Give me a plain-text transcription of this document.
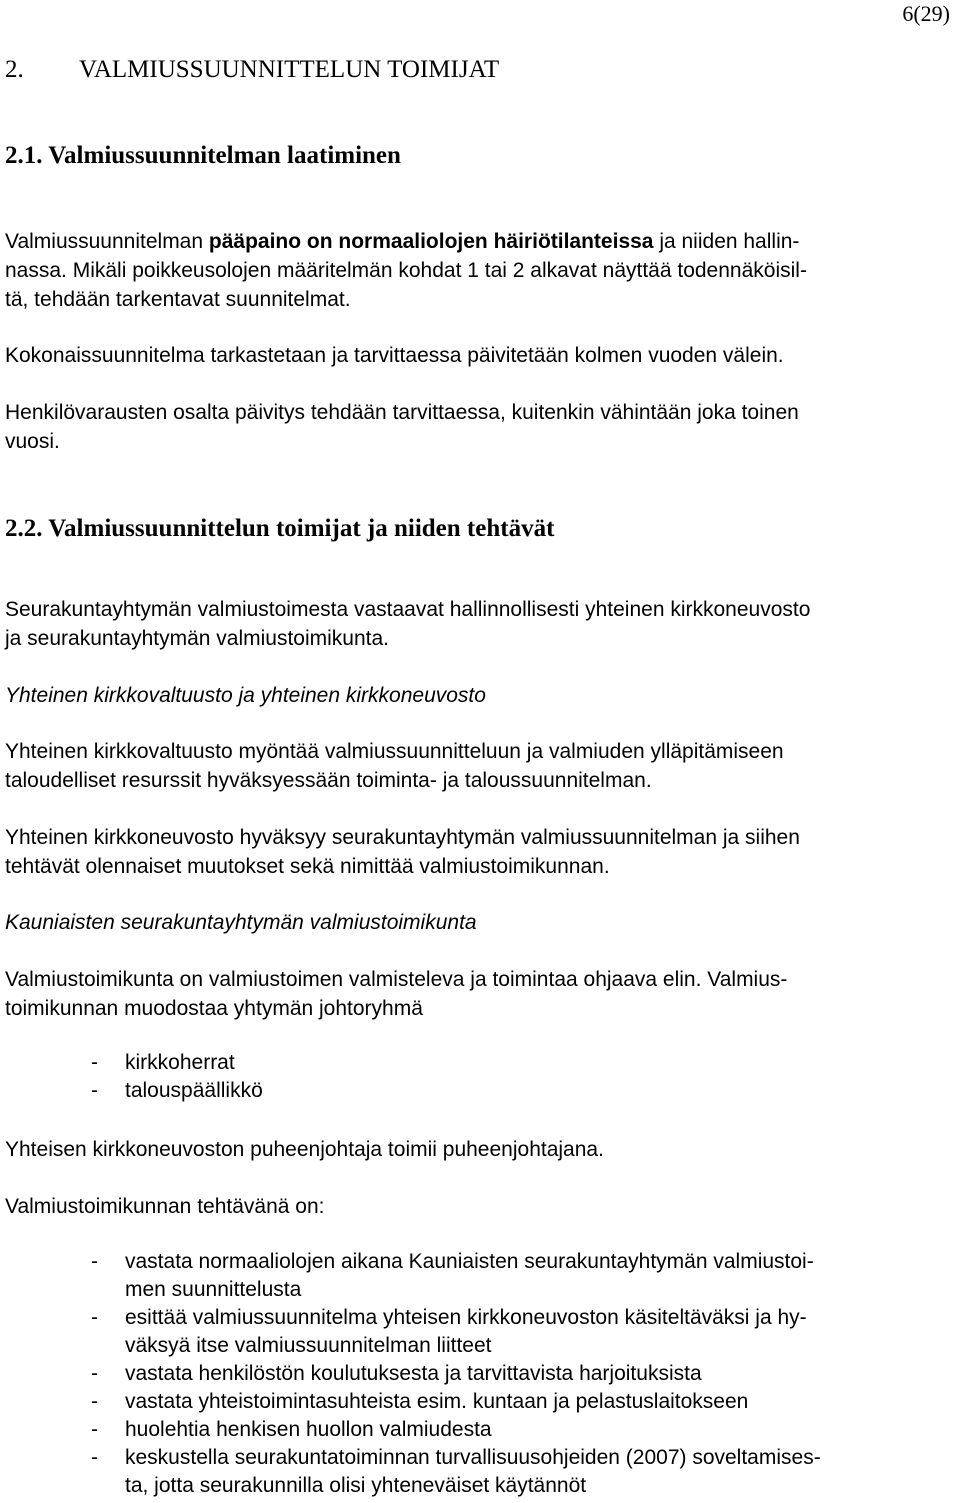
6(29)
2. VALMIUSSUUNNITTELUN TOIMIJAT
2.1. Valmiussuunnitelman laatiminen

Valmiussuunnitelman pääpaino on normaaliolojen häiriötilanteissa ja niiden hallin-
nassa. Mikäli poikkeusolojen määritelmän kohdat 1 tai 2 alkavat näyttää todennäköisil-
tä, tehdään tarkentavat suunnitelmat.

Kokonaissuunnitelma tarkastetaan ja tarvittaessa päivitetään kolmen vuoden välein.

Henkilövarausten osalta päivitys tehdään tarvittaessa, kuitenkin vähintään joka toinen
vuosi.

2.2. Valmiussuunnittelun toimijat ja niiden tehtävät

Seurakuntayhtymän valmiustoimesta vastaavat hallinnollisesti yhteinen kirkkoneuvosto
ja seurakuntayhtymän valmiustoimikunta.

Yhteinen kirkkovaltuusto ja yhteinen kirkkoneuvosto

Yhteinen kirkkovaltuusto myöntää valmiussuunnitteluun ja valmiuden ylläpitämiseen
taloudelliset resurssit hyväksyessään toiminta- ja taloussuunnitelman.

Yhteinen kirkkoneuvosto hyväksyy seurakuntayhtymän valmiussuunnitelman ja siihen
tehtävät olennaiset muutokset sekä nimittää valmiustoimikunnan.

Kauniaisten seurakuntayhtymän valmiustoimikunta

Valmiustoimikunta on valmiustoimen valmisteleva ja toimintaa ohjaava elin. Valmius-
toimikunnan muodostaa yhtymän johtoryhmä

- kirkkoherrat
- talouspäällikkö

Yhteisen kirkkoneuvoston puheenjohtaja toimii puheenjohtajana.

Valmiustoimikunnan tehtävänä on:

- vastata normaaliolojen aikana Kauniaisten seurakuntayhtymän valmiustoi-
men suunnittelusta
- esittää valmiussuunnitelma yhteisen kirkkoneuvoston käsiteltäväksi ja hy-
väksyä itse valmiussuunnitelman liitteet
- vastata henkilöstön koulutuksesta ja tarvittavista harjoituksista
- vastata yhteistoimintasuhteista esim. kuntaan ja pelastuslaitokseen
- huolehtia henkisen huollon valmiudesta
- keskustella seurakuntatoiminnan turvallisuusohjeiden (2007) soveltamises-
ta, jotta seurakunnilla olisi yhteneväiset käytännöt
